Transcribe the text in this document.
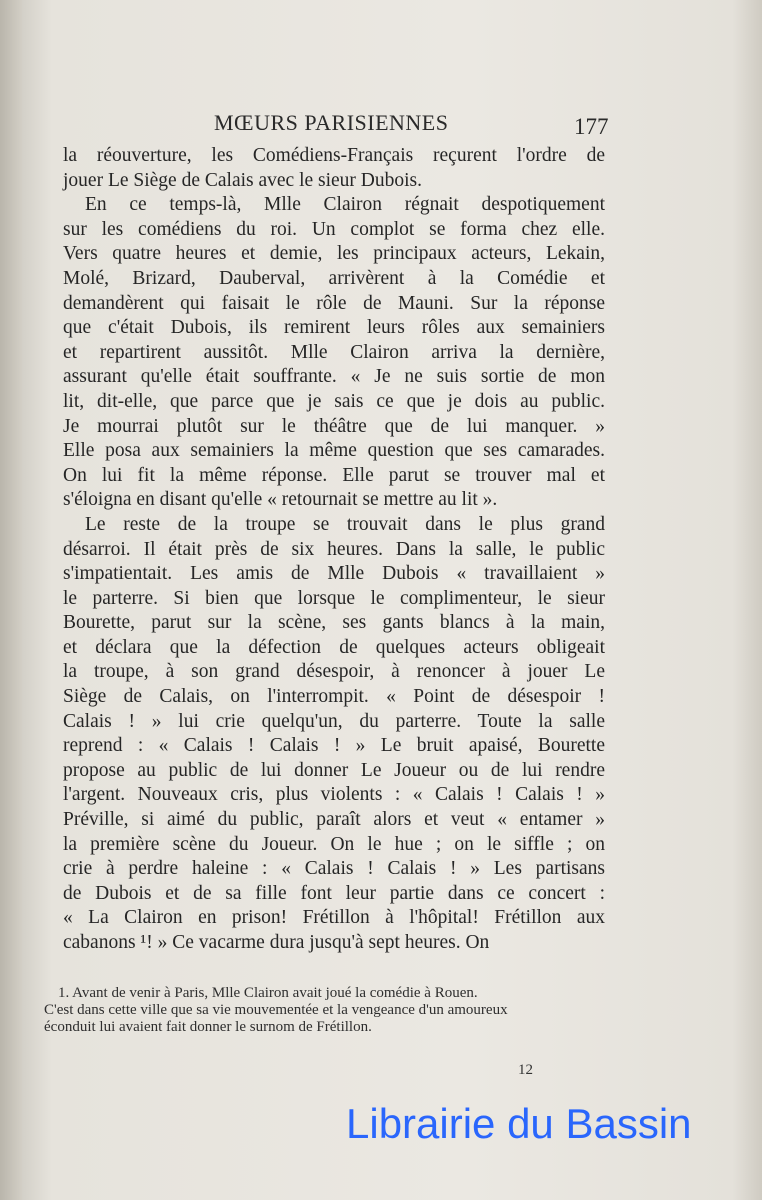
MŒURS PARISIENNES	177
la réouverture, les Comédiens-Français reçurent l'ordre de
jouer Le Siège de Calais avec le sieur Dubois.
En ce temps-là, Mlle Clairon régnait despotiquement
sur les comédiens du roi. Un complot se forma chez elle.
Vers quatre heures et demie, les principaux acteurs, Lekain,
Molé, Brizard, Dauberval, arrivèrent à la Comédie et
demandèrent qui faisait le rôle de Mauni. Sur la réponse
que c'était Dubois, ils remirent leurs rôles aux semainiers
et repartirent aussitôt. Mlle Clairon arriva la dernière,
assurant qu'elle était souffrante. « Je ne suis sortie de mon
lit, dit-elle, que parce que je sais ce que je dois au public.
Je mourrai plutôt sur le théâtre que de lui manquer. »
Elle posa aux semainiers la même question que ses camarades.
On lui fit la même réponse. Elle parut se trouver mal et
s'éloigna en disant qu'elle « retournait se mettre au lit ».
Le reste de la troupe se trouvait dans le plus grand
désarroi. Il était près de six heures. Dans la salle, le public
s'impatientait. Les amis de Mlle Dubois « travaillaient »
le parterre. Si bien que lorsque le complimenteur, le sieur
Bourette, parut sur la scène, ses gants blancs à la main,
et déclara que la défection de quelques acteurs obligeait
la troupe, à son grand désespoir, à renoncer à jouer Le
Siège de Calais, on l'interrompit. « Point de désespoir !
Calais ! » lui crie quelqu'un, du parterre. Toute la salle
reprend : « Calais ! Calais ! » Le bruit apaisé, Bourette
propose au public de lui donner Le Joueur ou de lui rendre
l'argent. Nouveaux cris, plus violents : « Calais ! Calais ! »
Préville, si aimé du public, paraît alors et veut « entamer »
la première scène du Joueur. On le hue ; on le siffle ; on
crie à perdre haleine : « Calais ! Calais ! » Les partisans
de Dubois et de sa fille font leur partie dans ce concert :
« La Clairon en prison! Frétillon à l'hôpital! Frétillon aux
cabanons ¹! » Ce vacarme dura jusqu'à sept heures. On
1. Avant de venir à Paris, Mlle Clairon avait joué la comédie à Rouen.
C'est dans cette ville que sa vie mouvementée et la vengeance d'un amoureux
éconduit lui avaient fait donner le surnom de Frétillon.
12
Librairie du Bassin
